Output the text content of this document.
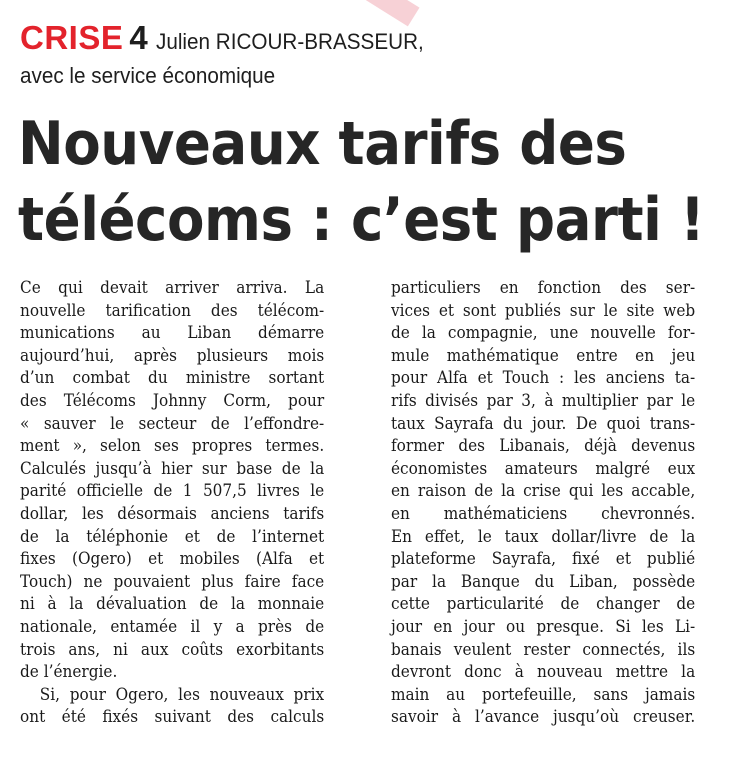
CRISE 4 Julien RICOUR-BRASSEUR,
avec le service économique
Nouveaux tarifs des
télécoms : c’est parti !
Ce qui devait arriver arriva. La
nouvelle tarification des télécom-
munications au Liban démarre
aujourd’hui, après plusieurs mois
d’un combat du ministre sortant
des Télécoms Johnny Corm, pour
« sauver le secteur de l’effondre-
ment », selon ses propres termes.
Calculés jusqu’à hier sur base de la
parité officielle de 1 507,5 livres le
dollar, les désormais anciens tarifs
de la téléphonie et de l’internet
fixes (Ogero) et mobiles (Alfa et
Touch) ne pouvaient plus faire face
ni à la dévaluation de la monnaie
nationale, entamée il y a près de
trois ans, ni aux coûts exorbitants
de l’énergie.
Si, pour Ogero, les nouveaux prix
ont été fixés suivant des calculs
particuliers en fonction des ser-
vices et sont publiés sur le site web
de la compagnie, une nouvelle for-
mule mathématique entre en jeu
pour Alfa et Touch : les anciens ta-
rifs divisés par 3, à multiplier par le
taux Sayrafa du jour. De quoi trans-
former des Libanais, déjà devenus
économistes amateurs malgré eux
en raison de la crise qui les accable,
en mathématiciens chevronnés.
En effet, le taux dollar/livre de la
plateforme Sayrafa, fixé et publié
par la Banque du Liban, possède
cette particularité de changer de
jour en jour ou presque. Si les Li-
banais veulent rester connectés, ils
devront donc à nouveau mettre la
main au portefeuille, sans jamais
savoir à l’avance jusqu’où creuser.
